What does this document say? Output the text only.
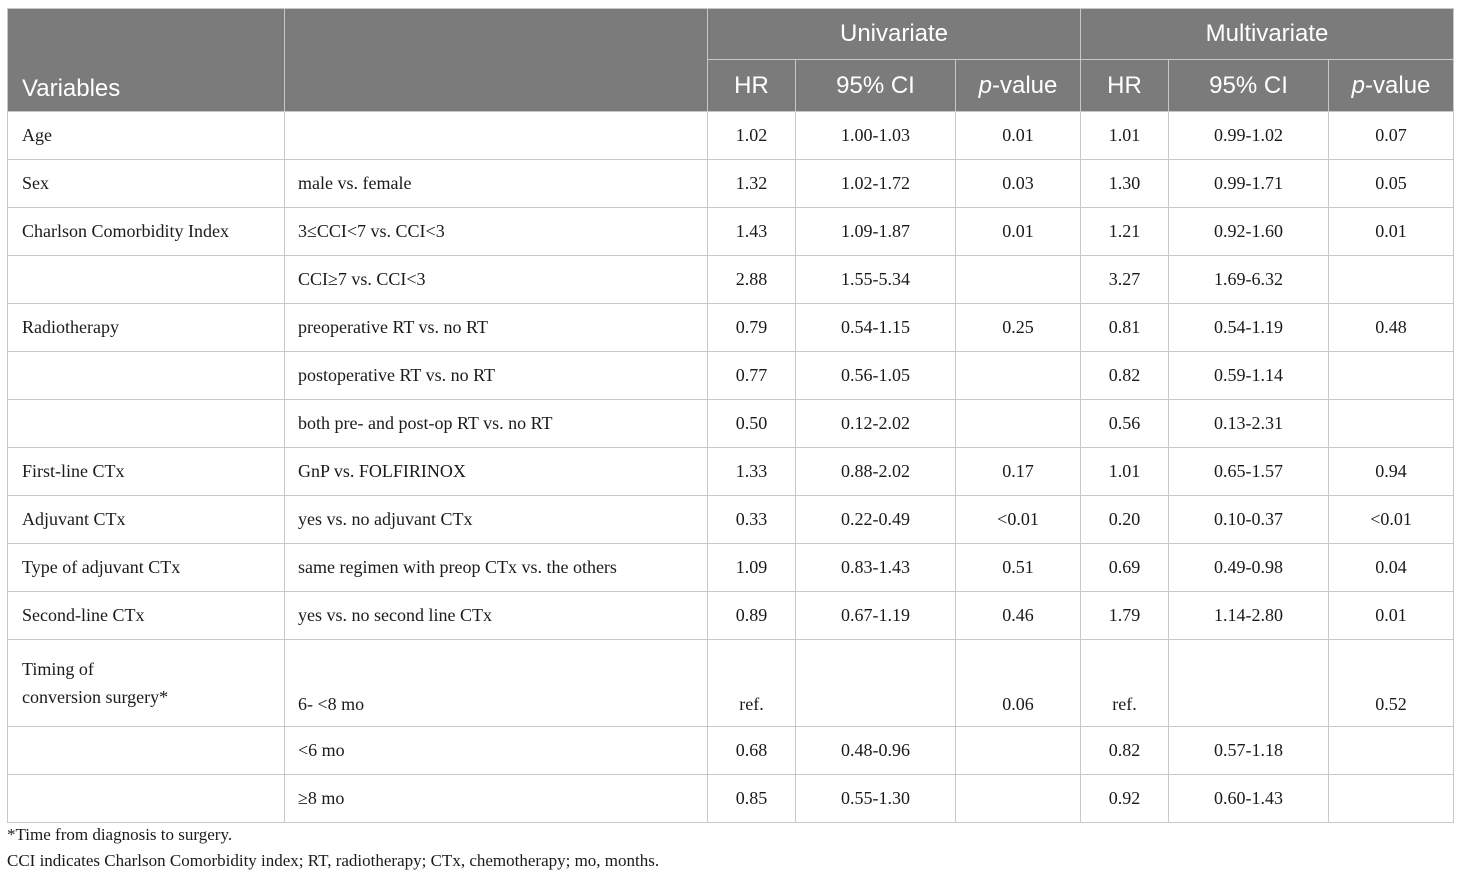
Variables		Univariate			Multivariate		
		HR	95% CI	p-value	HR	95% CI	p-value
Age		1.02	1.00-1.03	0.01	1.01	0.99-1.02	0.07
Sex	male vs. female	1.32	1.02-1.72	0.03	1.30	0.99-1.71	0.05
Charlson Comorbidity Index	3≤CCI<7 vs. CCI<3	1.43	1.09-1.87	0.01	1.21	0.92-1.60	0.01
	CCI≥7 vs. CCI<3	2.88	1.55-5.34		3.27	1.69-6.32	
Radiotherapy	preoperative RT vs. no RT	0.79	0.54-1.15	0.25	0.81	0.54-1.19	0.48
	postoperative RT vs. no RT	0.77	0.56-1.05		0.82	0.59-1.14	
	both pre- and post-op RT vs. no RT	0.50	0.12-2.02		0.56	0.13-2.31	
First-line CTx	GnP vs. FOLFIRINOX	1.33	0.88-2.02	0.17	1.01	0.65-1.57	0.94
Adjuvant CTx	yes vs. no adjuvant CTx	0.33	0.22-0.49	<0.01	0.20	0.10-0.37	<0.01
Type of adjuvant CTx	same regimen with preop CTx vs. the others	1.09	0.83-1.43	0.51	0.69	0.49-0.98	0.04
Second-line CTx	yes vs. no second line CTx	0.89	0.67-1.19	0.46	1.79	1.14-2.80	0.01
Timing of
conversion surgery*	6- <8 mo	ref.		0.06	ref.		0.52
	<6 mo	0.68	0.48-0.96		0.82	0.57-1.18	
	≥8 mo	0.85	0.55-1.30		0.92	0.60-1.43	
*Time from diagnosis to surgery.
CCI indicates Charlson Comorbidity index; RT, radiotherapy; CTx, chemotherapy; mo, months.
